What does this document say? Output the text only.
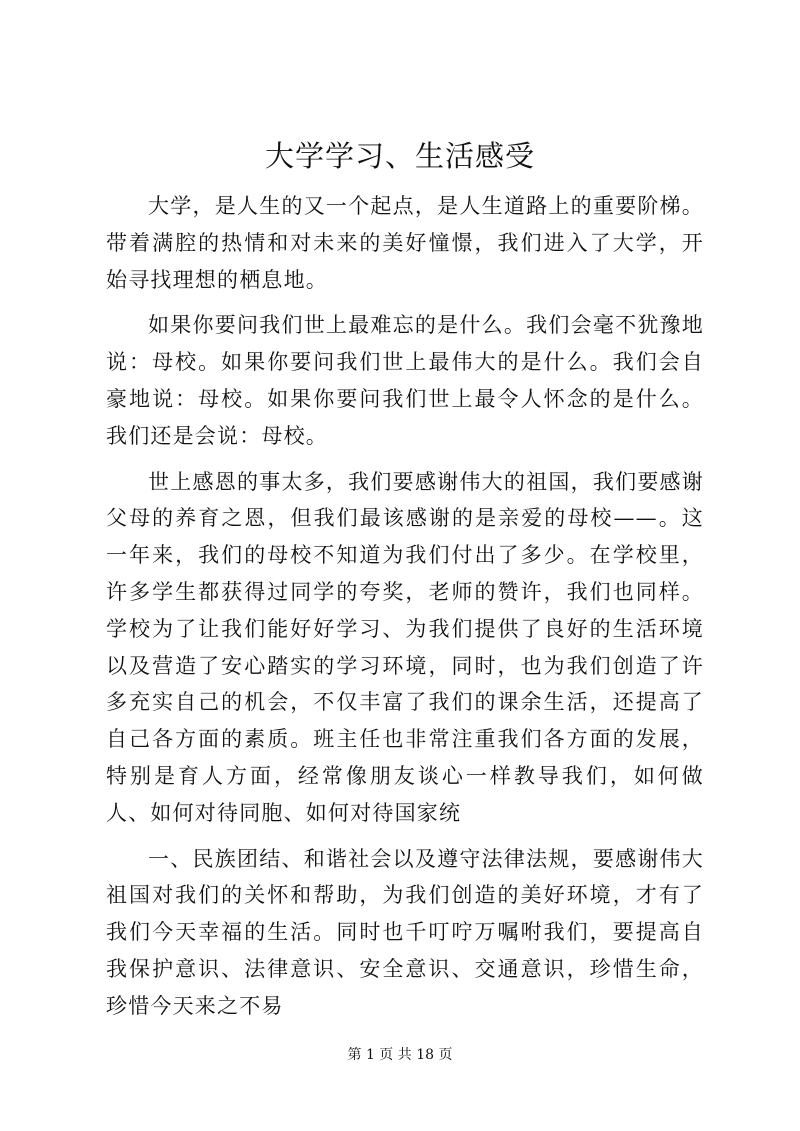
大学学习、生活感受

大学，是人生的又一个起点，是人生道路上的重要阶梯。带着满腔的热情和对未来的美好憧憬，我们进入了大学，开始寻找理想的栖息地。

如果你要问我们世上最难忘的是什么。我们会毫不犹豫地说：母校。如果你要问我们世上最伟大的是什么。我们会自豪地说：母校。如果你要问我们世上最令人怀念的是什么。我们还是会说：母校。

世上感恩的事太多，我们要感谢伟大的祖国，我们要感谢父母的养育之恩，但我们最该感谢的是亲爱的母校——。这一年来，我们的母校不知道为我们付出了多少。在学校里，许多学生都获得过同学的夸奖，老师的赞许，我们也同样。学校为了让我们能好好学习、为我们提供了良好的生活环境以及营造了安心踏实的学习环境，同时，也为我们创造了许多充实自己的机会，不仅丰富了我们的课余生活，还提高了自己各方面的素质。班主任也非常注重我们各方面的发展，特别是育人方面，经常像朋友谈心一样教导我们，如何做人、如何对待同胞、如何对待国家统

一、民族团结、和谐社会以及遵守法律法规，要感谢伟大祖国对我们的关怀和帮助，为我们创造的美好环境，才有了我们今天幸福的生活。同时也千叮咛万嘱咐我们，要提高自我保护意识、法律意识、安全意识、交通意识，珍惜生命，珍惜今天来之不易

第 1 页 共 18 页
